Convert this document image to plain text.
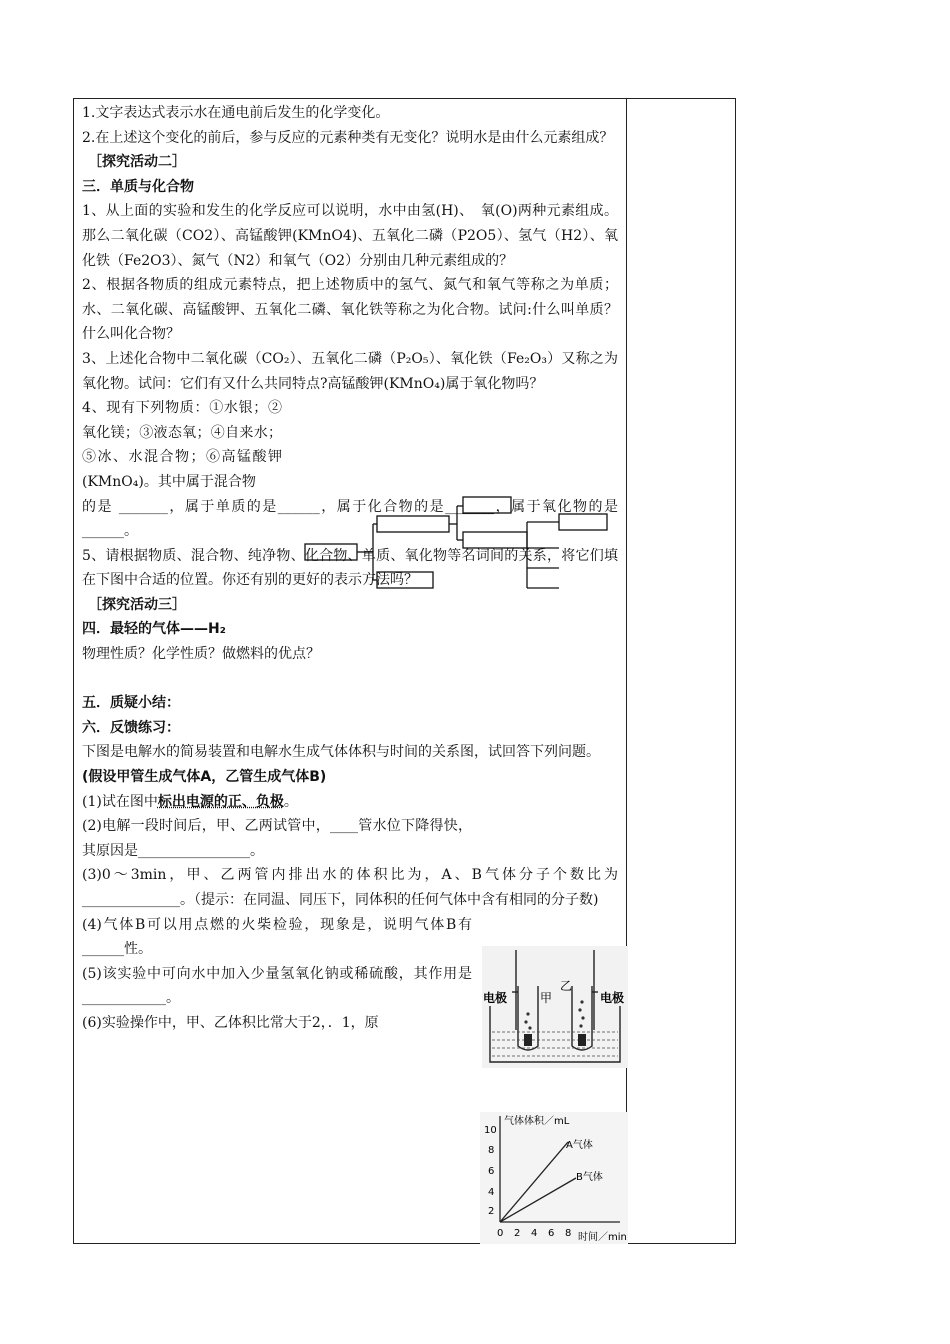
1.文字表达式表示水在通电前后发生的化学变化。

2.在上述这个变化的前后，参与反应的元素种类有无变化？说明水是由什么元素组成？

［探究活动二］

三．单质与化合物

1、从上面的实验和发生的化学反应可以说明，水中由氢(H)、　氧(O)两种元素组成。那么二氧化碳（CO2）、高锰酸钾(KMnO4)、五氧化二磷（P2O5）、氢气（H2）、氧化铁（Fe2O3）、氮气（N2）和氧气（O2）分别由几种元素组成的？

2、根据各物质的组成元素特点，把上述物质中的氢气、氮气和氧气等称之为单质；水、二氧化碳、高锰酸钾、五氧化二磷、氧化铁等称之为化合物。试问:什么叫单质？什么叫化合物？

3、上述化合物中二氧化碳（CO₂）、五氧化二磷（P₂O₅）、氧化铁（Fe₂O₃）又称之为氧化物。试问：它们有又什么共同特点?高锰酸钾(KMnO₄)属于氧化物吗？

4、现有下列物质：①水银；②氧化镁；③液态氧；④自来水；⑤冰、水混合物；⑥高锰酸钾(KMnO₄)。其中属于混合物

的是 _______，属于单质的是______，属于化合物的是_______，属于氧化物的是 ______。

5、请根据物质、混合物、纯净物、化合物、单质、氧化物等名词间的关系，将它们填在下图中合适的位置。你还有别的更好的表示方法吗？

［探究活动三］

四．最轻的气体——H₂

物理性质？化学性质？做燃料的优点？

五．质疑小结：

六．反馈练习：

下图是电解水的简易装置和电解水生成气体体积与时间的关系图，试回答下列问题。

(假设甲管生成气体A，乙管生成气体B)

(1)试在图中标出电源的正、负极。

(2)电解一段时间后，甲、乙两试管中，____管水位下降得快，其原因是________________。

(3)0～3min，甲、乙两管内排出水的体积比为，A、B气体分子个数比为______________。（提示：在同温、同压下，同体积的任何气体中含有相同的分子数)

(4)气体B可以用点燃的火柴检验，现象是，说明气体B有______性。

(5)该实验中可向水中加入少量氢氧化钠或稀硫酸，其作用是____________。

(6)实验操作中，甲、乙体积比常大于2，．1，原

电极	电极
甲
乙
气体体积／mL
10
8
6
4
2
0 2 4 6 8 时间／min
A气体
B气体
